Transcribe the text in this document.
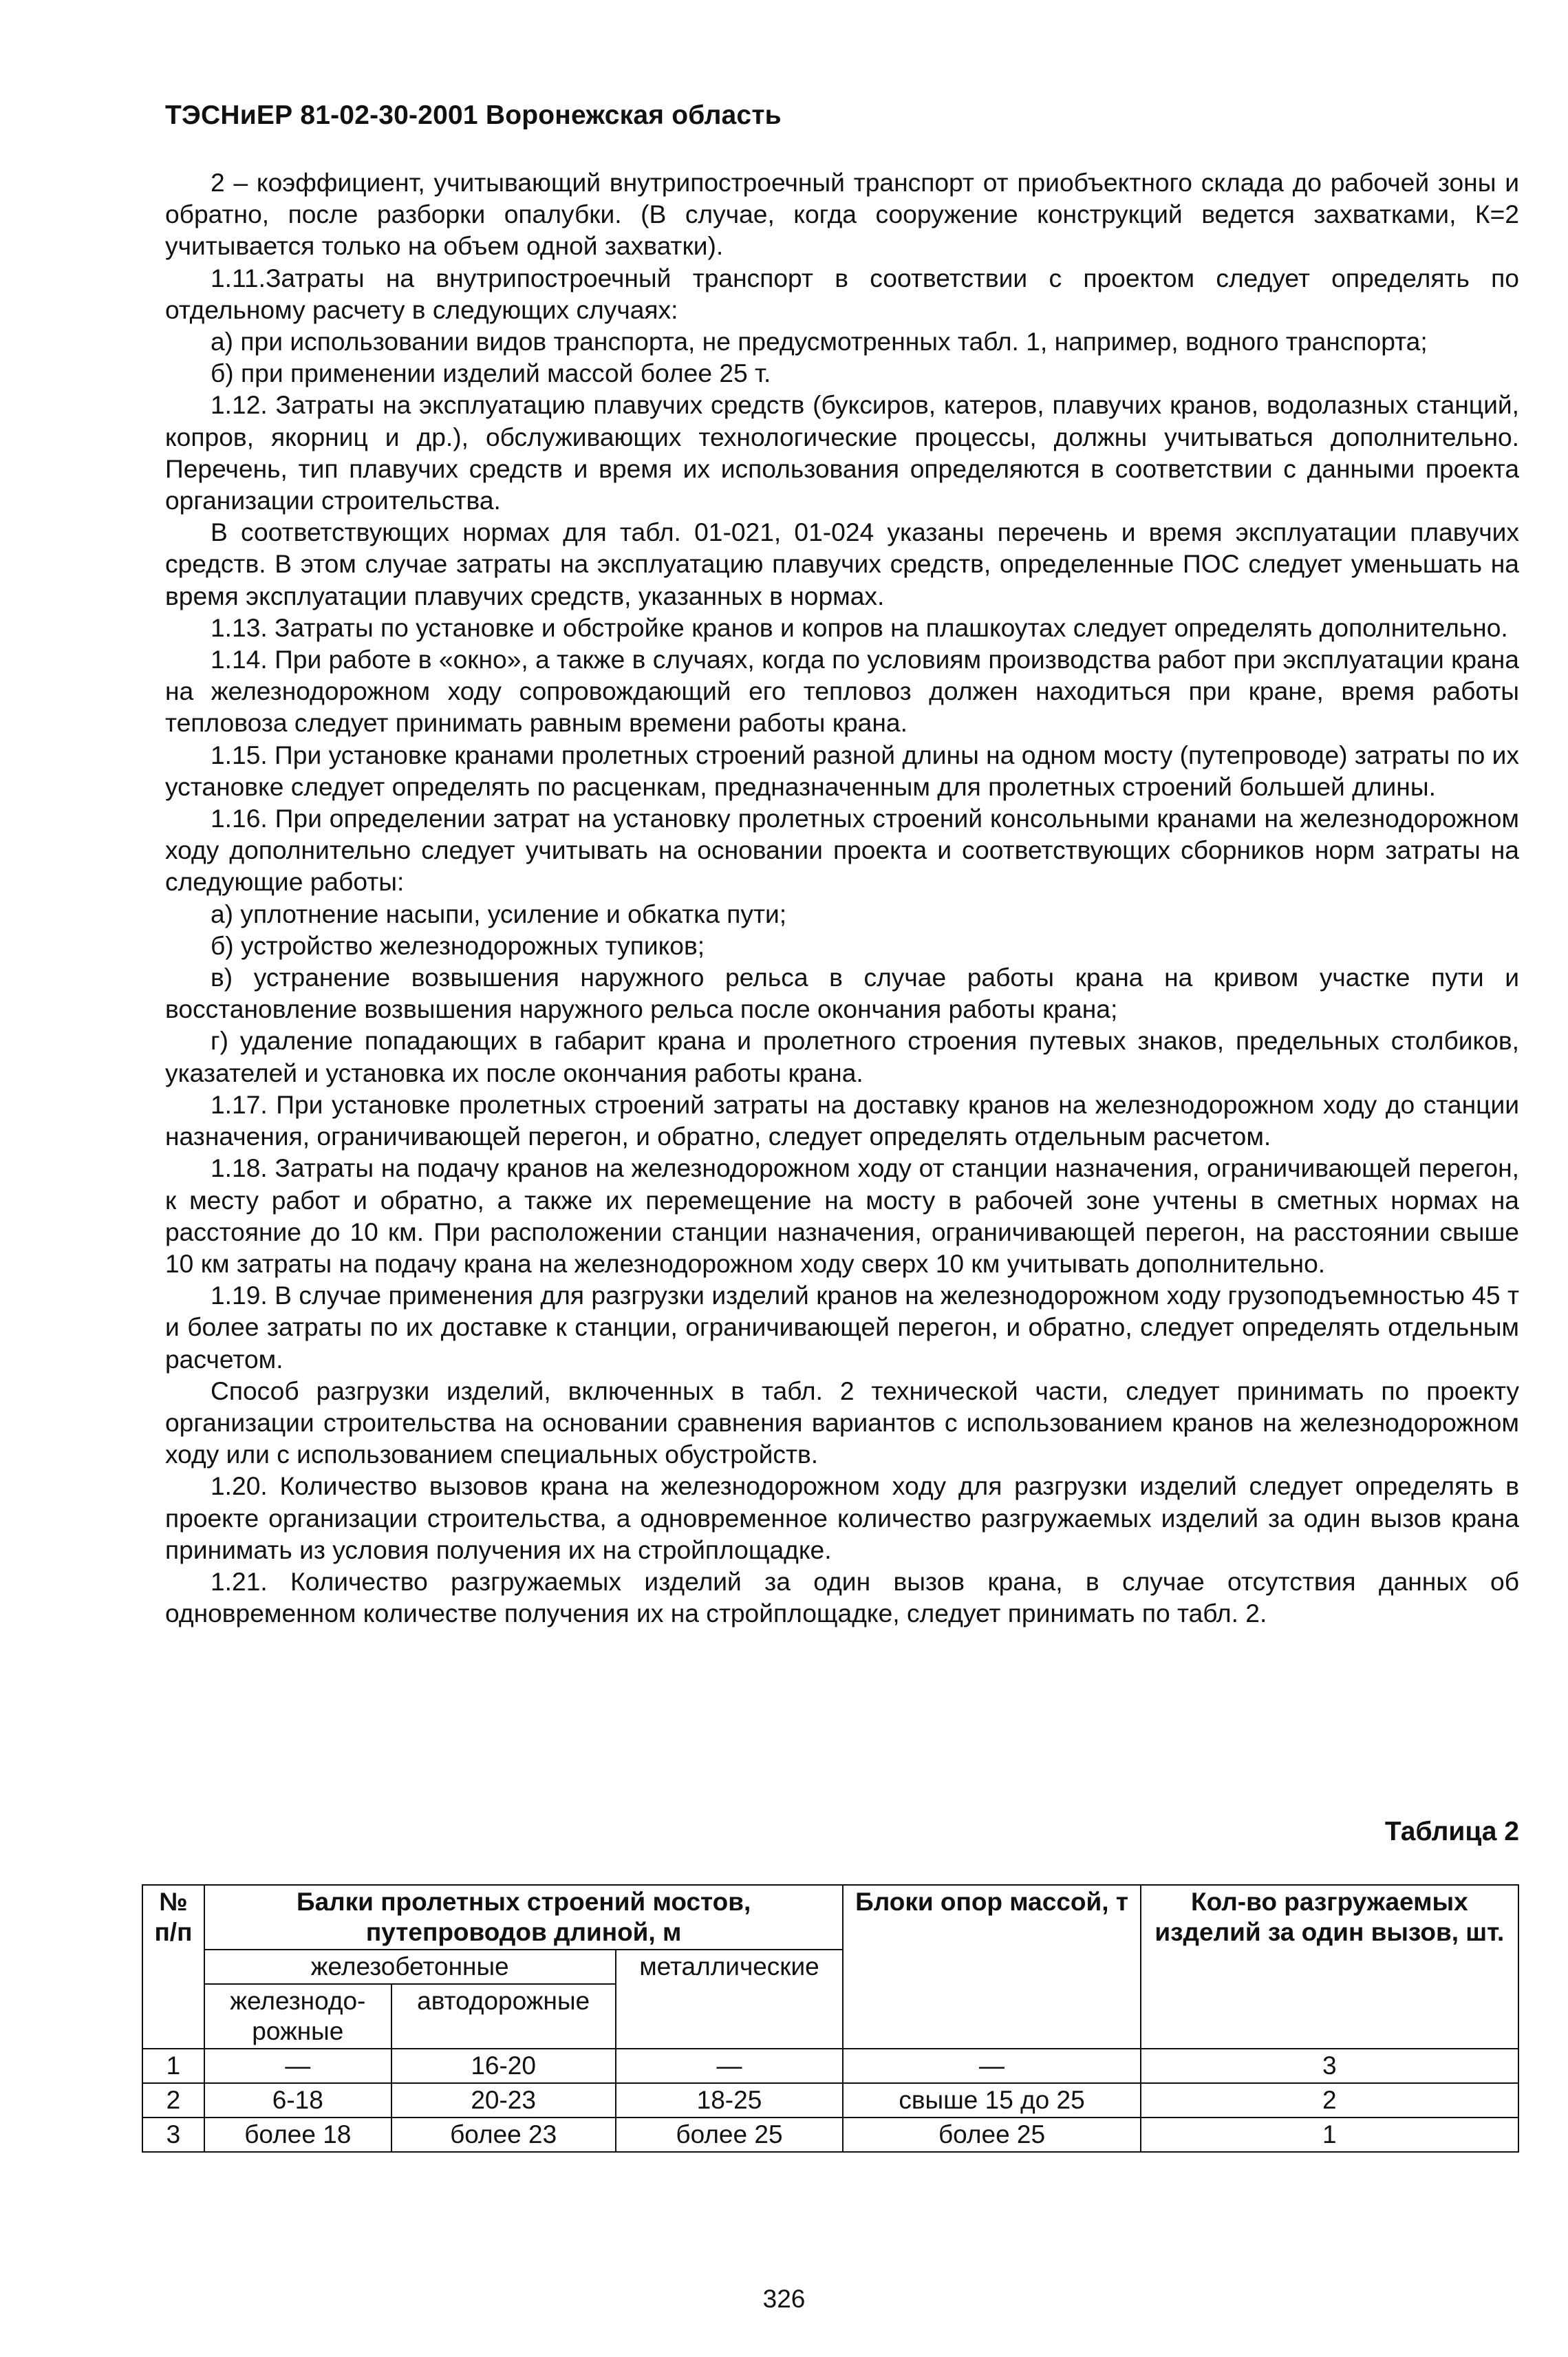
ТЭСНиЕР 81-02-30-2001 Воронежская область

2 – коэффициент, учитывающий внутрипостроечный транспорт от приобъектного склада до рабочей зоны и обратно, после разборки опалубки. (В случае, когда сооружение конструкций ведется захватками, К=2 учитывается только на объем одной захватки).

1.11.Затраты на внутрипостроечный транспорт в соответствии с проектом следует определять по отдельному расчету в следующих случаях:

а) при использовании видов транспорта, не предусмотренных табл. 1, например, водного транспорта;

б) при применении изделий массой более 25 т.

1.12. Затраты на эксплуатацию плавучих средств (буксиров, катеров, плавучих кранов, водолазных станций, копров, якорниц и др.), обслуживающих технологические процессы, должны учитываться дополнительно. Перечень, тип плавучих средств и время их использования определяются в соответствии с данными проекта организации строительства.

В соответствующих нормах для табл. 01-021, 01-024 указаны перечень и время эксплуатации плавучих средств. В этом случае затраты на эксплуатацию плавучих средств, определенные ПОС следует уменьшать на время эксплуатации плавучих средств, указанных в нормах.

1.13. Затраты по установке и обстройке кранов и копров на плашкоутах следует определять дополнительно.

1.14. При работе в «окно», а также в случаях, когда по условиям производства работ при эксплуатации крана на железнодорожном ходу сопровождающий его тепловоз должен находиться при кране, время работы тепловоза следует принимать равным времени работы крана.

1.15. При установке кранами пролетных строений разной длины на одном мосту (путепроводе) затраты по их установке следует определять по расценкам, предназначенным для пролетных строений большей длины.

1.16. При определении затрат на установку пролетных строений консольными кранами на железнодорожном ходу дополнительно следует учитывать на основании проекта и соответствующих сборников норм затраты на следующие работы:

а) уплотнение насыпи, усиление и обкатка пути;

б) устройство железнодорожных тупиков;

в) устранение возвышения наружного рельса в случае работы крана на кривом участке пути и восстановление возвышения наружного рельса после окончания работы крана;

г) удаление попадающих в габарит крана и пролетного строения путевых знаков, предельных столбиков, указателей и установка их после окончания работы крана.

1.17. При установке пролетных строений затраты на доставку кранов на железнодорожном ходу до станции назначения, ограничивающей перегон, и обратно, следует определять отдельным расчетом.

1.18. Затраты на подачу кранов на железнодорожном ходу от станции назначения, ограничивающей перегон, к месту работ и обратно, а также их перемещение на мосту в рабочей зоне учтены в сметных нормах на расстояние до 10 км. При расположении станции назначения, ограничивающей перегон, на расстоянии свыше 10 км затраты на подачу крана на железнодорожном ходу сверх 10 км учитывать дополнительно.

1.19. В случае применения для разгрузки изделий кранов на железнодорожном ходу грузоподъемностью 45 т и более затраты по их доставке к станции, ограничивающей перегон, и обратно, следует определять отдельным расчетом.

Способ разгрузки изделий, включенных в табл. 2 технической части, следует принимать по проекту организации строительства на основании сравнения вариантов с использованием кранов на железнодорожном ходу или с использованием специальных обустройств.

1.20. Количество вызовов крана на железнодорожном ходу для разгрузки изделий следует определять в проекте организации строительства, а одновременное количество разгружаемых изделий за один вызов крана принимать из условия получения их на стройплощадке.

1.21. Количество разгружаемых изделий за один вызов крана, в случае отсутствия данных об одновременном количестве получения их на стройплощадке, следует принимать по табл. 2.

Таблица 2
№ п/п	Балки пролетных строений мостов, путепроводов длиной, м			Блоки опор массой, т	Кол-во разгружаемых изделий за один вызов, шт.
	железобетонные		металлические		
	железнодо-рожные	автодорожные			
1	—	16-20	—	—	3
2	6-18	20-23	18-25	свыше 15 до 25	2
3	более 18	более 23	более 25	более 25	1
326
